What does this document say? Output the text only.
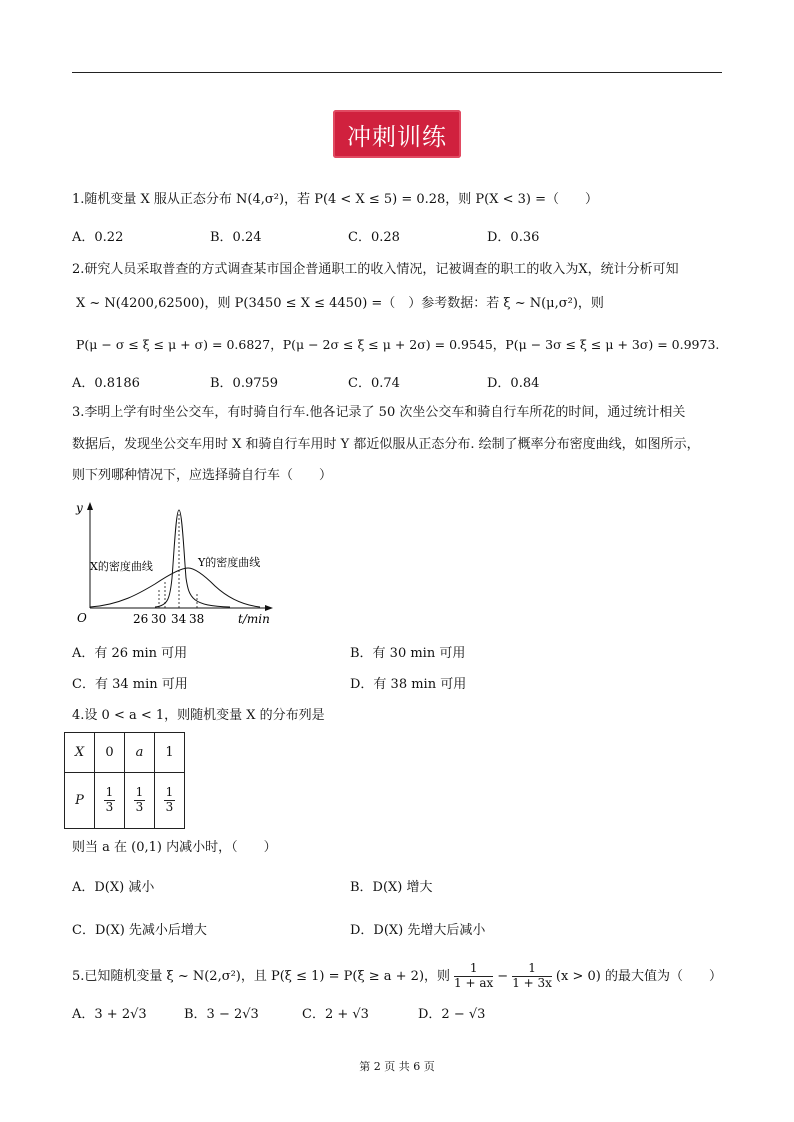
冲刺训练
1.随机变量 X 服从正态分布 N(4,σ²)，若 P(4 < X ≤ 5) = 0.28，则 P(X < 3) =（　　）
A．0.22	B．0.24	C．0.28	D．0.36
2.研究人员采取普查的方式调查某市国企普通职工的收入情况，记被调查的职工的收入为X，统计分析可知
X ~ N(4200,62500)，则 P(3450 ≤ X ≤ 4450) =（　）参考数据：若 ξ ~ N(μ,σ²)，则
P(μ − σ ≤ ξ ≤ μ + σ) = 0.6827，P(μ − 2σ ≤ ξ ≤ μ + 2σ) = 0.9545，P(μ − 3σ ≤ ξ ≤ μ + 3σ) = 0.9973.
A．0.8186	B．0.9759	C．0.74	D．0.84
3.李明上学有时坐公交车，有时骑自行车.他各记录了 50 次坐公交车和骑自行车所花的时间，通过统计相关
数据后，发现坐公交车用时 X 和骑自行车用时 Y 都近似服从正态分布. 绘制了概率分布密度曲线，如图所示，
则下列哪种情况下，应选择骑自行车（　　）
y
O	t/min
26 30 34 38
X的密度曲线	Y的密度曲线
A．有 26 min 可用	B．有 30 min 可用
C．有 34 min 可用	D．有 38 min 可用
4.设 0 < a < 1，则随机变量 X 的分布列是
X	0	a	1
P	$\frac{1}{3}$	$\frac{1}{3}$	$\frac{1}{3}$
则当 a 在 (0,1) 内减小时，（　　）
A．D(X) 减小	B．D(X) 增大
C．D(X) 先减小后增大	D．D(X) 先增大后减小
5.已知随机变量 ξ ~ N(2,σ²)，且 P(ξ ≤ 1) = P(ξ ≥ a + 2)，则 $\frac{1}{1 + ax} - \frac{1}{1 + 3x} (x > 0)$ 的最大值为（　　）
A．3 + 2√3	B．3 − 2√3	C．2 + √3	D．2 − √3
第 2 页 共 6 页
